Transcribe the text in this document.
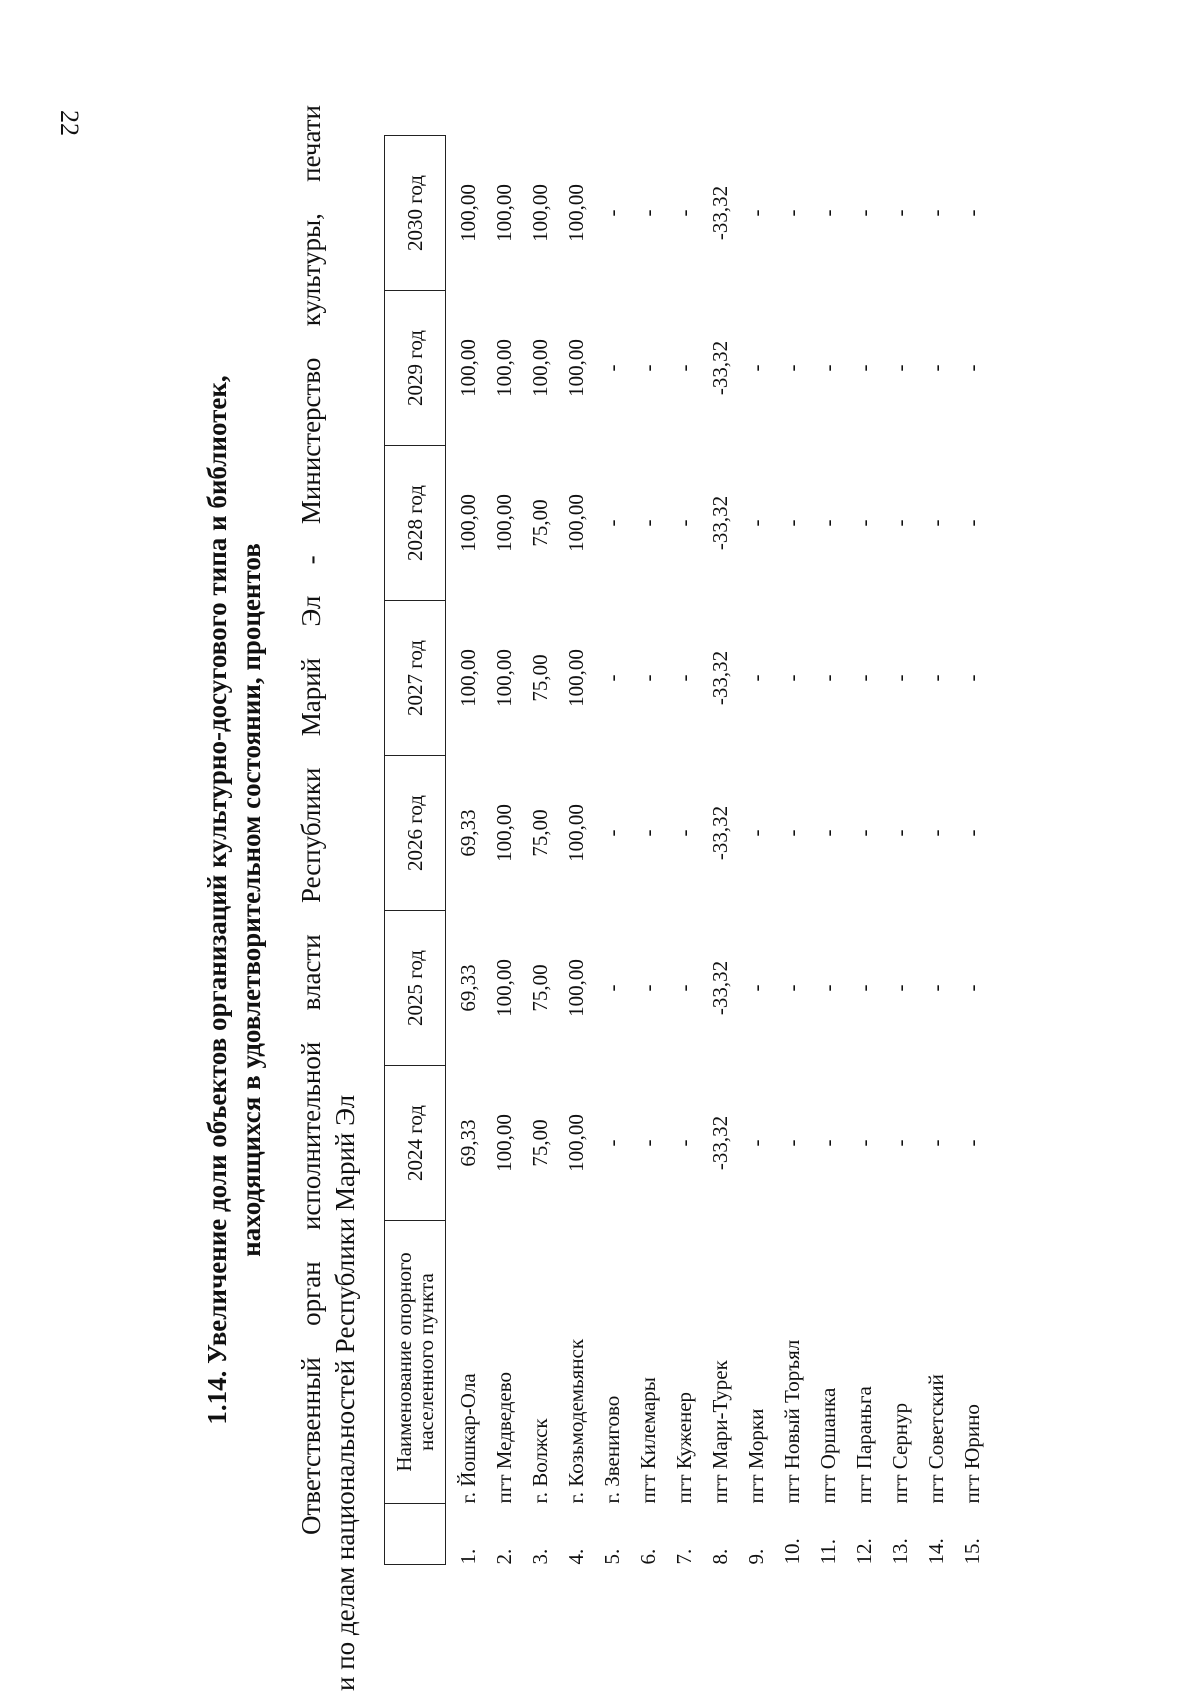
22
1.14. Увеличение доли объектов организаций культурно-досугового типа и библиотек, находящихся в удовлетворительном состоянии, процентов Ответственный орган исполнительной власти Республики Марий Эл - Министерство культуры, печати и по делам национальностей Республики Марий Эл
	Наименование опорного населенного пункта	2024 год	2025 год	2026 год	2027 год	2028 год	2029 год	2030 год
1.	г. Йошкар-Ола	69,33	69,33	69,33	100,00	100,00	100,00	100,00
2.	пгт Медведево	100,00	100,00	100,00	100,00	100,00	100,00	100,00
3.	г. Волжск	75,00	75,00	75,00	75,00	75,00	100,00	100,00
4.	г. Козьмодемьянск	100,00	100,00	100,00	100,00	100,00	100,00	100,00
5.	г. Звенигово	-	-	-	-	-	-	-
6.	пгт Килемары	-	-	-	-	-	-	-
7.	пгт Куженер	-	-	-	-	-	-	-
8.	пгт Мари-Турек	-33,32	-33,32	-33,32	-33,32	-33,32	-33,32	-33,32
9.	пгт Морки	-	-	-	-	-	-	-
10.	пгт Новый Торъял	-	-	-	-	-	-	-
11.	пгт Оршанка	-	-	-	-	-	-	-
12.	пгт Параньга	-	-	-	-	-	-	-
13.	пгт Сернур	-	-	-	-	-	-	-
14.	пгт Советский	-	-	-	-	-	-	-
15.	пгт Юрино	-	-	-	-	-	-	-
